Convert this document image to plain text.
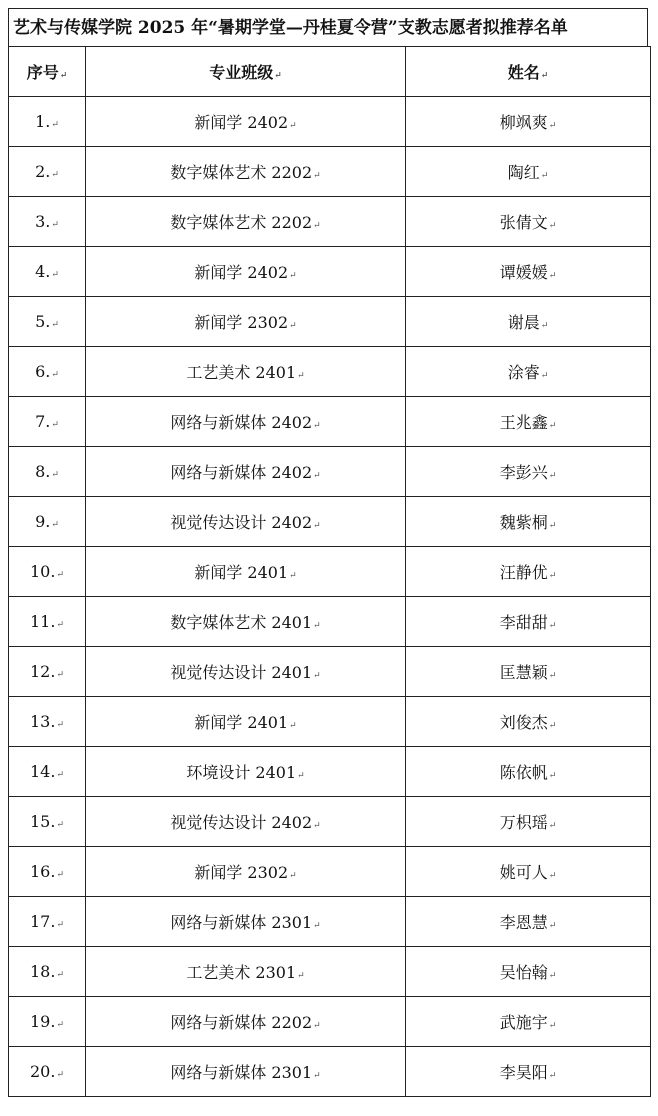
艺术与传媒学院 2025 年“暑期学堂—丹桂夏令营”支教志愿者拟推荐名单
序号↵	专业班级↵	姓名↵
1.↵	新闻学 2402↵	柳飒爽↵
2.↵	数字媒体艺术 2202↵	陶红↵
3.↵	数字媒体艺术 2202↵	张倩文↵
4.↵	新闻学 2402↵	谭媛媛↵
5.↵	新闻学 2302↵	谢晨↵
6.↵	工艺美术 2401↵	涂睿↵
7.↵	网络与新媒体 2402↵	王兆鑫↵
8.↵	网络与新媒体 2402↵	李彭兴↵
9.↵	视觉传达设计 2402↵	魏紫桐↵
10.↵	新闻学 2401↵	汪静优↵
11.↵	数字媒体艺术 2401↵	李甜甜↵
12.↵	视觉传达设计 2401↵	匡慧颖↵
13.↵	新闻学 2401↵	刘俊杰↵
14.↵	环境设计 2401↵	陈依帆↵
15.↵	视觉传达设计 2402↵	万枳瑶↵
16.↵	新闻学 2302↵	姚可人↵
17.↵	网络与新媒体 2301↵	李恩慧↵
18.↵	工艺美术 2301↵	吴怡翰↵
19.↵	网络与新媒体 2202↵	武施宇↵
20.↵	网络与新媒体 2301↵	李昊阳↵
